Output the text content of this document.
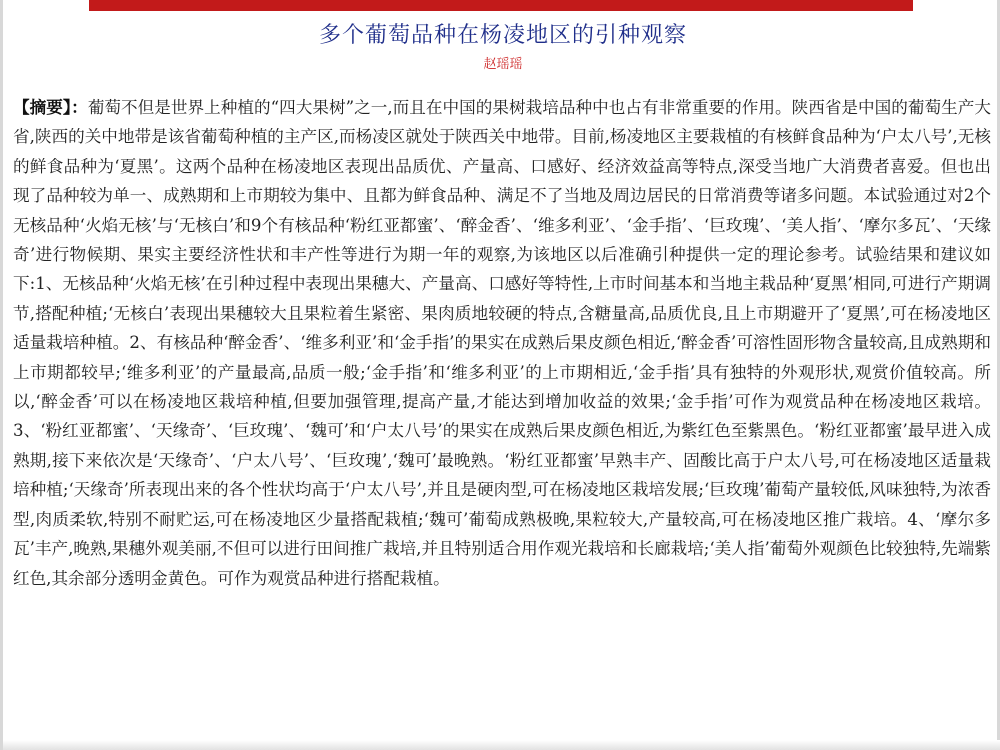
多个葡萄品种在杨凌地区的引种观察
赵瑶瑶

【摘要】：葡萄不但是世界上种植的“四大果树”之一,而且在中国的果树栽培品种中也占有非常重要的作用。陕西省是中国的葡萄生产大省,陕西的关中地带是该省葡萄种植的主产区,而杨凌区就处于陕西关中地带。目前,杨凌地区主要栽植的有核鲜食品种为‘户太八号’,无核的鲜食品种为‘夏黑’。这两个品种在杨凌地区表现出品质优、产量高、口感好、经济效益高等特点,深受当地广大消费者喜爱。但也出现了品种较为单一、成熟期和上市期较为集中、且都为鲜食品种、满足不了当地及周边居民的日常消费等诸多问题。本试验通过对2个无核品种‘火焰无核’与‘无核白’和9个有核品种‘粉红亚都蜜’、‘醉金香’、‘维多利亚’、‘金手指’、‘巨玫瑰’、‘美人指’、‘摩尔多瓦’、‘天缘奇’进行物候期、果实主要经济性状和丰产性等进行为期一年的观察,为该地区以后准确引种提供一定的理论参考。试验结果和建议如下:1、无核品种‘火焰无核’在引种过程中表现出果穗大、产量高、口感好等特性,上市时间基本和当地主栽品种‘夏黑’相同,可进行产期调节,搭配种植;‘无核白’表现出果穗较大且果粒着生紧密、果肉质地较硬的特点,含糖量高,品质优良,且上市期避开了‘夏黑’,可在杨凌地区适量栽培种植。2、有核品种‘醉金香’、‘维多利亚’和‘金手指’的果实在成熟后果皮颜色相近,‘醉金香’可溶性固形物含量较高,且成熟期和上市期都较早;‘维多利亚’的产量最高,品质一般;‘金手指’和‘维多利亚’的上市期相近,‘金手指’具有独特的外观形状,观赏价值较高。所以,‘醉金香’可以在杨凌地区栽培种植,但要加强管理,提高产量,才能达到增加收益的效果;‘金手指’可作为观赏品种在杨凌地区栽培。3、‘粉红亚都蜜’、‘天缘奇’、‘巨玫瑰’、‘魏可’和‘户太八号’的果实在成熟后果皮颜色相近,为紫红色至紫黑色。‘粉红亚都蜜’最早进入成熟期,接下来依次是‘天缘奇’、‘户太八号’、‘巨玫瑰’,‘魏可’最晚熟。‘粉红亚都蜜’早熟丰产、固酸比高于户太八号,可在杨凌地区适量栽培种植;‘天缘奇’所表现出来的各个性状均高于‘户太八号’,并且是硬肉型,可在杨凌地区栽培发展;‘巨玫瑰’葡萄产量较低,风味独特,为浓香型,肉质柔软,特别不耐贮运,可在杨凌地区少量搭配栽植;‘魏可’葡萄成熟极晚,果粒较大,产量较高,可在杨凌地区推广栽培。4、‘摩尔多瓦’丰产,晚熟,果穗外观美丽,不但可以进行田间推广栽培,并且特别适合用作观光栽培和长廊栽培;‘美人指’葡萄外观颜色比较独特,先端紫红色,其余部分透明金黄色。可作为观赏品种进行搭配栽植。
